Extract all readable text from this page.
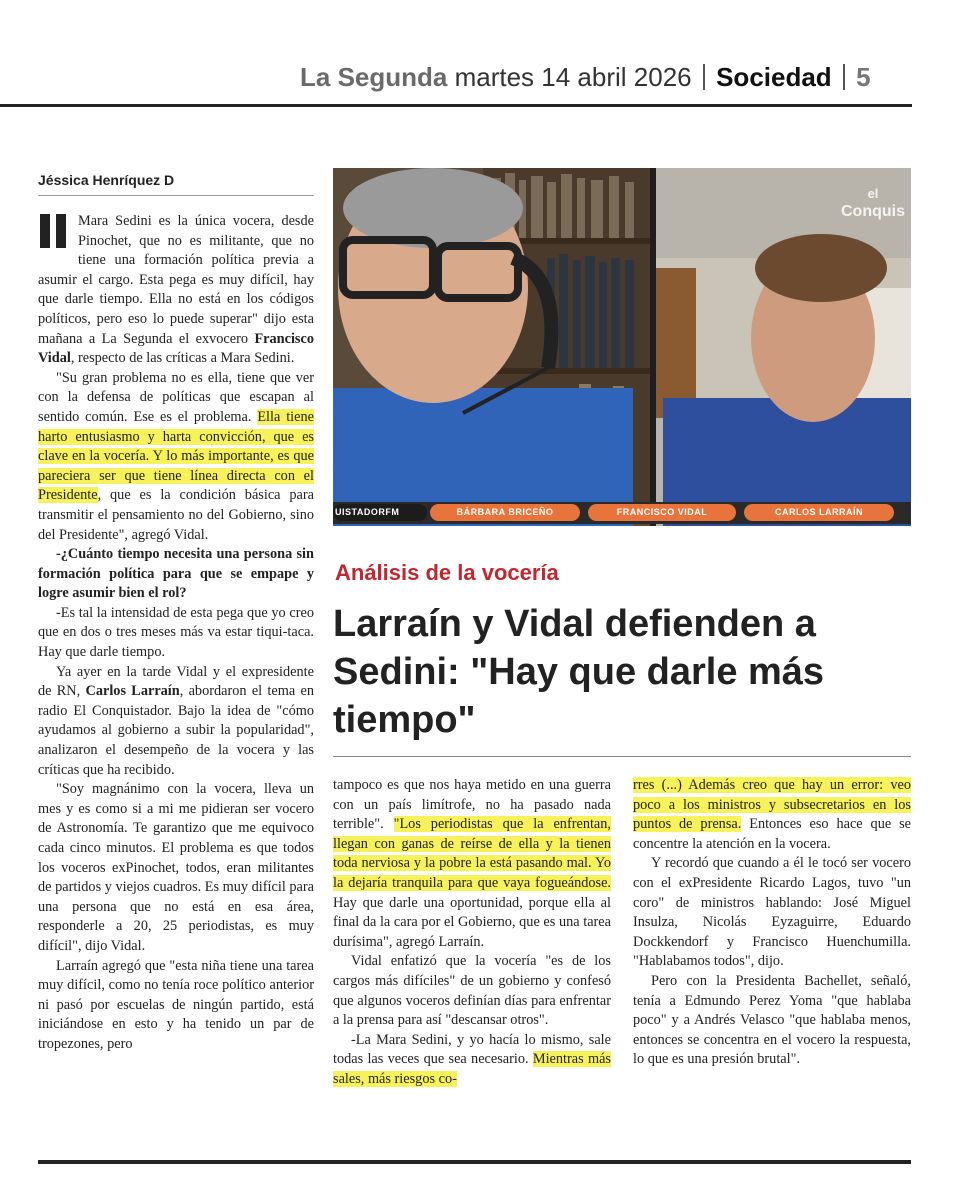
La Segunda martes 14 abril 2026 Sociedad 5
Jéssica Henríquez D

Mara Sedini es la única vocera, desde Pinochet, que no es militante, que no tiene una formación política previa a asumir el cargo. Esta pega es muy difícil, hay que darle tiempo. Ella no está en los códigos políticos, pero eso lo puede superar" dijo esta mañana a La Segunda el exvocero Francisco Vidal, respecto de las críticas a Mara Sedini.

"Su gran problema no es ella, tiene que ver con la defensa de políticas que escapan al sentido común. Ese es el problema. Ella tiene harto entusiasmo y harta convicción, que es clave en la vocería. Y lo más importante, es que pareciera ser que tiene línea directa con el Presidente, que es la condición básica para transmitir el pensamiento no del Gobierno, sino del Presidente", agregó Vidal.

-¿Cuánto tiempo necesita una persona sin formación política para que se empape y logre asumir bien el rol?

-Es tal la intensidad de esta pega que yo creo que en dos o tres meses más va estar tiqui-taca. Hay que darle tiempo.

Ya ayer en la tarde Vidal y el expresidente de RN, Carlos Larraín, abordaron el tema en radio El Conquistador. Bajo la idea de "cómo ayudamos al gobierno a subir la popularidad", analizaron el desempeño de la vocera y las críticas que ha recibido.

"Soy magnánimo con la vocera, lleva un mes y es como si a mi me pidieran ser vocero de Astronomía. Te garantizo que me equivoco cada cinco minutos. El problema es que todos los voceros exPinochet, todos, eran militantes de partidos y viejos cuadros. Es muy difícil para una persona que no está en esa área, responderle a 20, 25 periodistas, es muy difícil", dijo Vidal.

Larraín agregó que "esta niña tiene una tarea muy difícil, como no tenía roce político anterior ni pasó por escuelas de ningún partido, está iniciándose en esto y ha tenido un par de tropezones, pero

el
Conquis
UISTADORFM	BÁRBARA BRICEÑO	FRANCISCO VIDAL	CARLOS LARRAÍN
Análisis de la vocería
Larraín y Vidal defienden a Sedini: "Hay que darle más tiempo"

tampoco es que nos haya metido en una guerra con un país limítrofe, no ha pasado nada terrible". "Los periodistas que la enfrentan, llegan con ganas de reírse de ella y la tienen toda nerviosa y la pobre la está pasando mal. Yo la dejaría tranquila para que vaya fogueándose. Hay que darle una oportunidad, porque ella al final da la cara por el Gobierno, que es una tarea durísima", agregó Larraín.

Vidal enfatizó que la vocería "es de los cargos más difíciles" de un gobierno y confesó que algunos voceros definían días para enfrentar a la prensa para así "descansar otros".

-La Mara Sedini, y yo hacía lo mismo, sale todas las veces que sea necesario. Mientras más sales, más riesgos co-

rres (...) Además creo que hay un error: veo poco a los ministros y subsecretarios en los puntos de prensa. Entonces eso hace que se concentre la atención en la vocera.

Y recordó que cuando a él le tocó ser vocero con el exPresidente Ricardo Lagos, tuvo "un coro" de ministros hablando: José Miguel Insulza, Nicolás Eyzaguirre, Eduardo Dockkendorf y Francisco Huenchumilla. "Hablabamos todos", dijo.

Pero con la Presidenta Bachellet, señaló, tenía a Edmundo Perez Yoma "que hablaba poco" y a Andrés Velasco "que hablaba menos, entonces se concentra en el vocero la respuesta, lo que es una presión brutal".
